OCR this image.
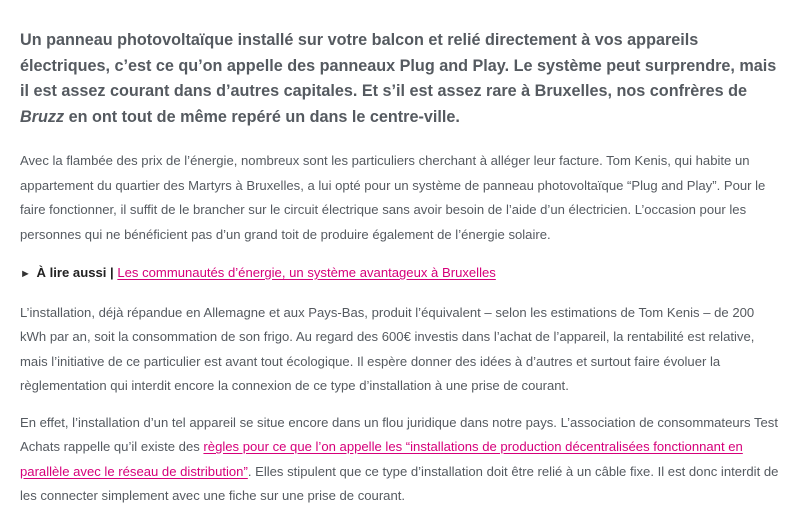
Un panneau photovoltaïque installé sur votre balcon et relié directement à vos appareils électriques, c’est ce qu’on appelle des panneaux Plug and Play. Le système peut surprendre, mais il est assez courant dans d’autres capitales. Et s’il est assez rare à Bruxelles, nos confrères de Bruzz en ont tout de même repéré un dans le centre-ville.

Avec la flambée des prix de l’énergie, nombreux sont les particuliers cherchant à alléger leur facture. Tom Kenis, qui habite un appartement du quartier des Martyrs à Bruxelles, a lui opté pour un système de panneau photovoltaïque “Plug and Play”. Pour le faire fonctionner, il suffit de le brancher sur le circuit électrique sans avoir besoin de l’aide d’un électricien. L’occasion pour les personnes qui ne bénéficient pas d’un grand toit de produire également de l’énergie solaire.

► À lire aussi | Les communautés d’énergie, un système avantageux à Bruxelles

L’installation, déjà répandue en Allemagne et aux Pays-Bas, produit l’équivalent – selon les estimations de Tom Kenis – de 200 kWh par an, soit la consommation de son frigo. Au regard des 600€ investis dans l’achat de l’appareil, la rentabilité est relative, mais l’initiative de ce particulier est avant tout écologique. Il espère donner des idées à d’autres et surtout faire évoluer la règlementation qui interdit encore la connexion de ce type d’installation à une prise de courant.

En effet, l’installation d’un tel appareil se situe encore dans un flou juridique dans notre pays. L’association de consommateurs Test Achats rappelle qu’il existe des règles pour ce que l’on appelle les “installations de production décentralisées fonctionnant en parallèle avec le réseau de distribution”. Elles stipulent que ce type d’installation doit être relié à un câble fixe. Il est donc interdit de les connecter simplement avec une fiche sur une prise de courant.
